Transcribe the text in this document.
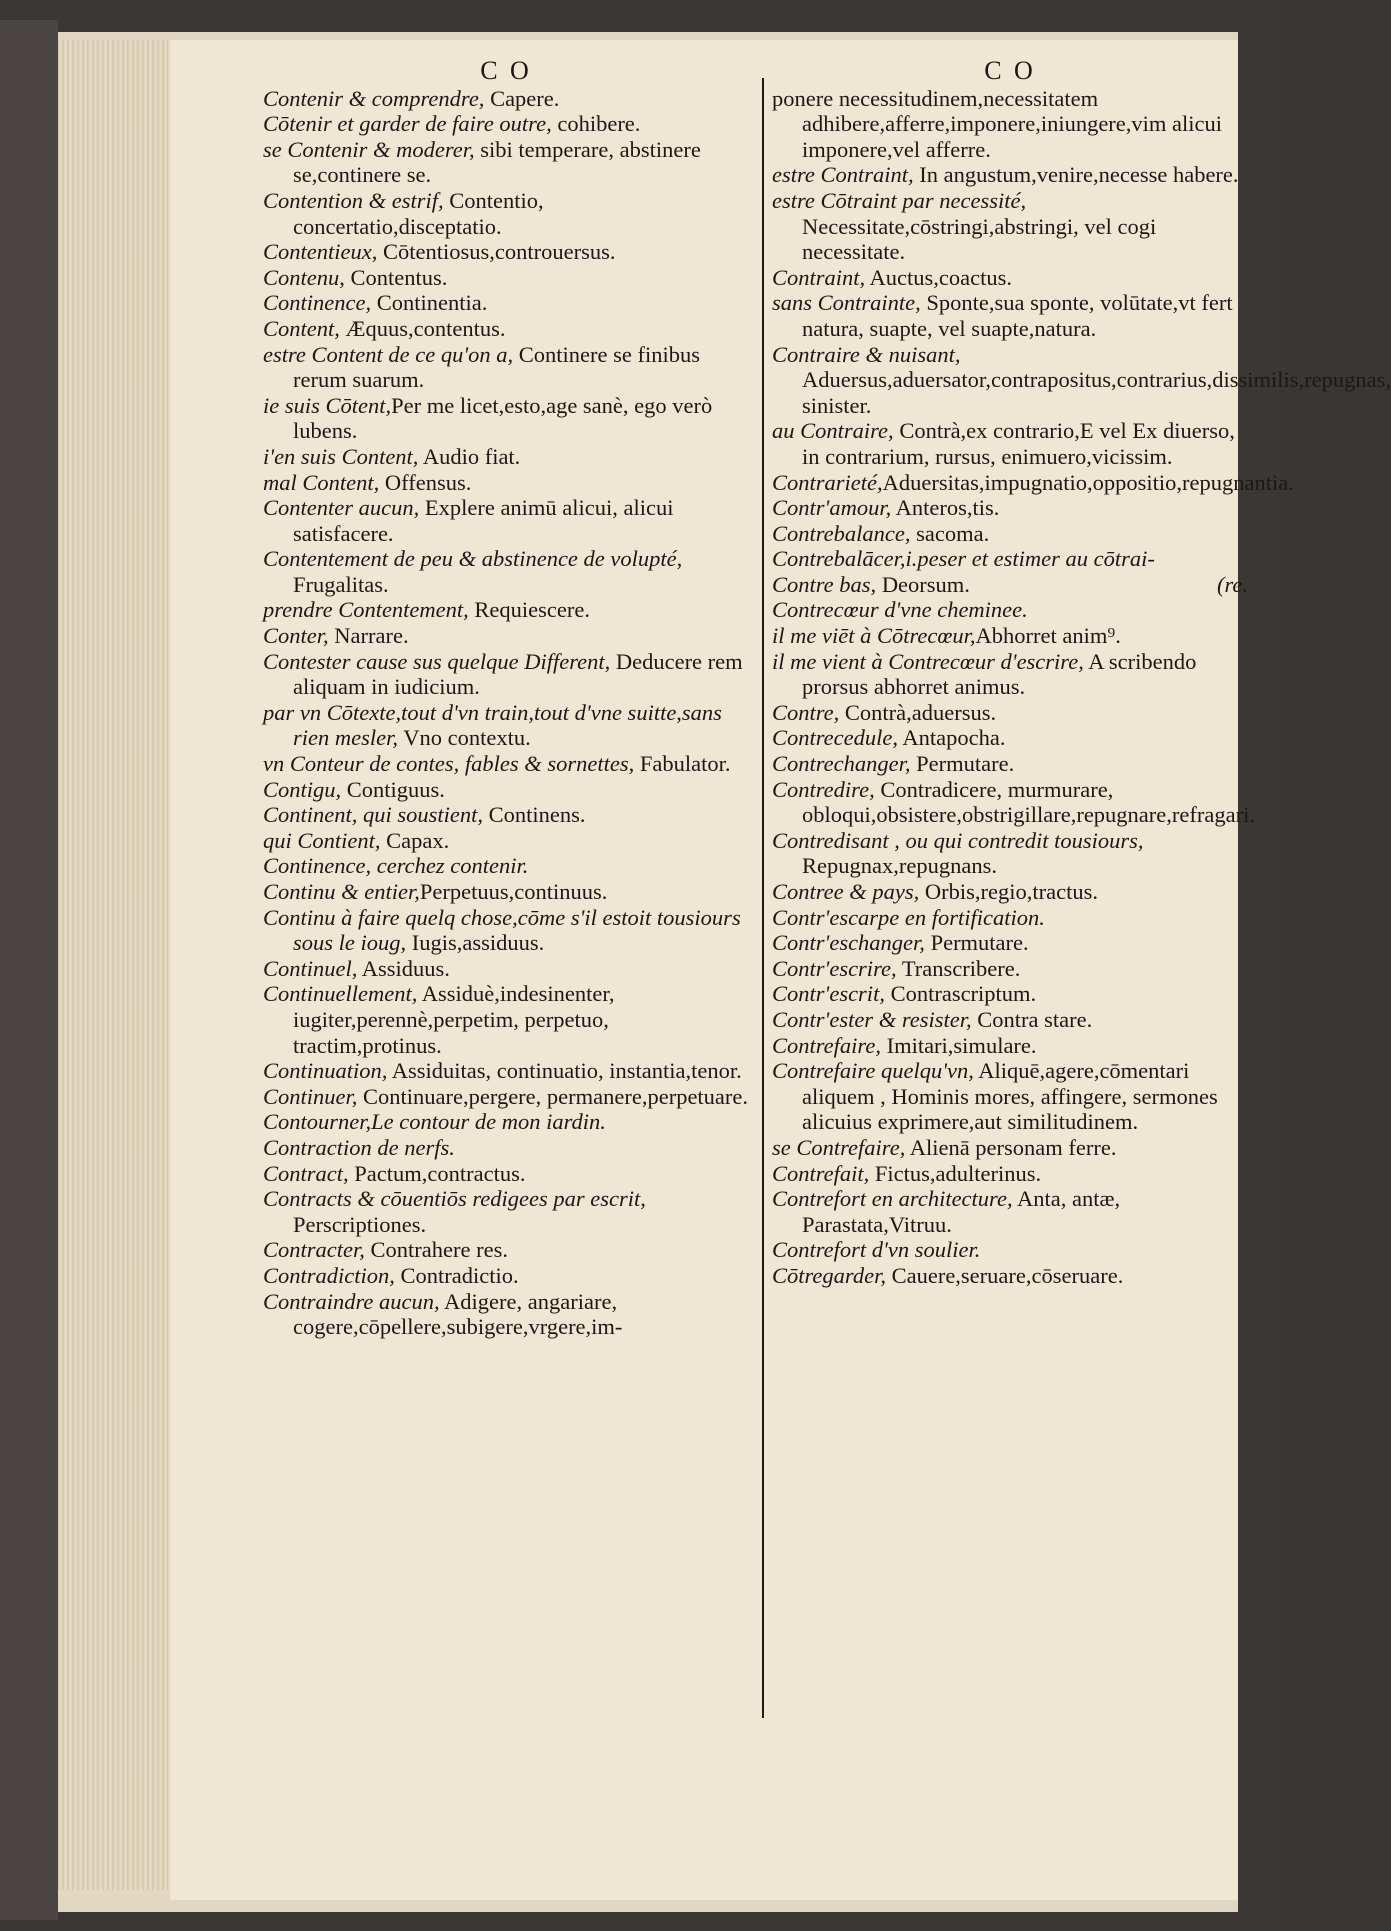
C O

Contenir & comprendre, Capere.

Cōtenir et garder de faire outre, cohibere.

se Contenir & moderer, sibi temperare, abstinere se,continere se.

Contention & estrif, Contentio, concertatio,disceptatio.

Contentieux, Cōtentiosus,controuersus.

Contenu, Contentus.

Continence, Continentia.

Content, Æquus,contentus.

estre Content de ce qu'on a, Continere se finibus rerum suarum.

ie suis Cōtent,Per me licet,esto,age sanè, ego verò lubens.

i'en suis Content, Audio fiat.

mal Content, Offensus.

Contenter aucun, Explere animū alicui, alicui satisfacere.

Contentement de peu & abstinence de volupté, Frugalitas.

prendre Contentement, Requiescere.

Conter, Narrare.

Contester cause sus quelque Different, Deducere rem aliquam in iudicium.

par vn Cōtexte,tout d'vn train,tout d'vne suitte,sans rien mesler, Vno contextu.

vn Conteur de contes, fables & sornettes, Fabulator.

Contigu, Contiguus.

Continent, qui soustient, Continens.

qui Contient, Capax.

Continence, cerchez contenir.

Continu & entier,Perpetuus,continuus.

Continu à faire quelq chose,cōme s'il estoit tousiours sous le ioug, Iugis,assiduus.

Continuel, Assiduus.

Continuellement, Assiduè,indesinenter, iugiter,perennè,perpetim, perpetuo, tractim,protinus.

Continuation, Assiduitas, continuatio, instantia,tenor.

Continuer, Continuare,pergere, permanere,perpetuare.

Contourner,Le contour de mon iardin.

Contraction de nerfs.

Contract, Pactum,contractus.

Contracts & cōuentiōs redigees par escrit, Perscriptiones.

Contracter, Contrahere res.

Contradiction, Contradictio.

Contraindre aucun, Adigere, angariare, cogere,cōpellere,subigere,vrgere,im-

C O

ponere necessitudinem,necessitatem adhibere,afferre,imponere,iniungere,vim alicui imponere,vel afferre.

estre Contraint, In angustum,venire,necesse habere.

estre Cōtraint par necessité, Necessitate,cōstringi,abstringi, vel cogi necessitate.

Contraint, Auctus,coactus.

sans Contrainte, Sponte,sua sponte, volūtate,vt fert natura, suapte, vel suapte,natura.

Contraire & nuisant, Aduersus,aduersator,contrapositus,contrarius,dissimilis,repugnas, sinister.

au Contraire, Contrà,ex contrario,E vel Ex diuerso, in contrarium, rursus, enimuero,vicissim.

Contrarieté,Aduersitas,impugnatio,oppositio,repugnantia.

Contr'amour, Anteros,tis.

Contrebalance, sacoma.

Contrebalācer,i.peser et estimer au cōtrai-

Contre bas, Deorsum.	(re.

Contrecœur d'vne cheminee.

il me viēt à Cōtrecœur,Abhorret anim⁹.

il me vient à Contrecœur d'escrire, A scribendo prorsus abhorret animus.

Contre, Contrà,aduersus.

Contrecedule, Antapocha.

Contrechanger, Permutare.

Contredire, Contradicere, murmurare, obloqui,obsistere,obstrigillare,repugnare,refragari.

Contredisant , ou qui contredit tousiours, Repugnax,repugnans.

Contree & pays, Orbis,regio,tractus.

Contr'escarpe en fortification.

Contr'eschanger, Permutare.

Contr'escrire, Transcribere.

Contr'escrit, Contrascriptum.

Contr'ester & resister, Contra stare.

Contrefaire, Imitari,simulare.

Contrefaire quelqu'vn, Aliquē,agere,cōmentari aliquem , Hominis mores, affingere, sermones alicuius exprimere,aut similitudinem.

se Contrefaire, Alienā personam ferre.

Contrefait, Fictus,adulterinus.

Contrefort en architecture, Anta, antæ, Parastata,Vitruu.

Contrefort d'vn soulier.

Cōtregarder, Cauere,seruare,cōseruare.
